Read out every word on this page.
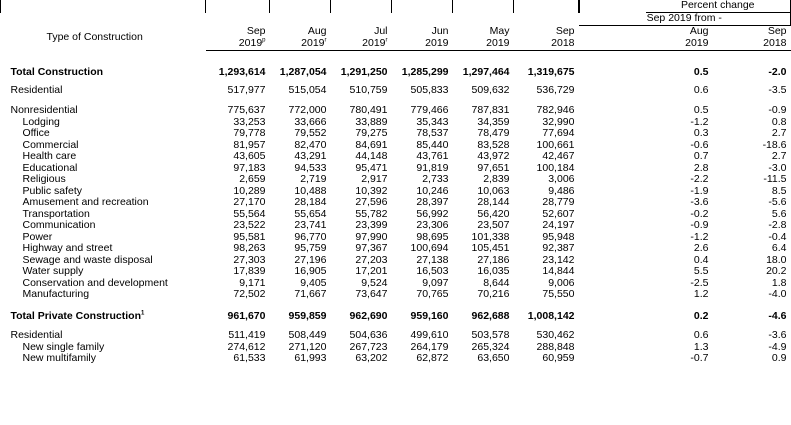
								Percent change	
							Sep 2019 from -		
Type of Construction	Sep	Aug	Jul	Jun	May	Sep		Aug	Sep
	2019$^p$	2019$^r$	2019$^r$	2019	2019	2018		2019	2018

Total Construction	1,293,614	1,287,054	1,291,250	1,285,299	1,297,464	1,319,675		0.5	-2.0

Residential	517,977	515,054	510,759	505,833	509,632	536,729		0.6	-3.5

Nonresidential	775,637	772,000	780,491	779,466	787,831	782,946		0.5	-0.9
Lodging	33,253	33,666	33,889	35,343	34,359	32,990		-1.2	0.8
Office	79,778	79,552	79,275	78,537	78,479	77,694		0.3	2.7
Commercial	81,957	82,470	84,691	85,440	83,528	100,661		-0.6	-18.6
Health care	43,605	43,291	44,148	43,761	43,972	42,467		0.7	2.7
Educational	97,183	94,533	95,471	91,819	97,651	100,184		2.8	-3.0
Religious	2,659	2,719	2,917	2,733	2,839	3,006		-2.2	-11.5
Public safety	10,289	10,488	10,392	10,246	10,063	9,486		-1.9	8.5
Amusement and recreation	27,170	28,184	27,596	28,397	28,144	28,779		-3.6	-5.6
Transportation	55,564	55,654	55,782	56,992	56,420	52,607		-0.2	5.6
Communication	23,522	23,741	23,399	23,306	23,507	24,197		-0.9	-2.8
Power	95,581	96,770	97,990	98,695	101,338	95,948		-1.2	-0.4
Highway and street	98,263	95,759	97,367	100,694	105,451	92,387		2.6	6.4
Sewage and waste disposal	27,303	27,196	27,203	27,138	27,186	23,142		0.4	18.0
Water supply	17,839	16,905	17,201	16,503	16,035	14,844		5.5	20.2
Conservation and development	9,171	9,405	9,524	9,097	8,644	9,006		-2.5	1.8
Manufacturing	72,502	71,667	73,647	70,765	70,216	75,550		1.2	-4.0

Total Private Construction$^1$	961,670	959,859	962,690	959,160	962,688	1,008,142		0.2	-4.6

Residential	511,419	508,449	504,636	499,610	503,578	530,462		0.6	-3.6
New single family	274,612	271,120	267,723	264,179	265,324	288,848		1.3	-4.9
New multifamily	61,533	61,993	63,202	62,872	63,650	60,959		-0.7	0.9
